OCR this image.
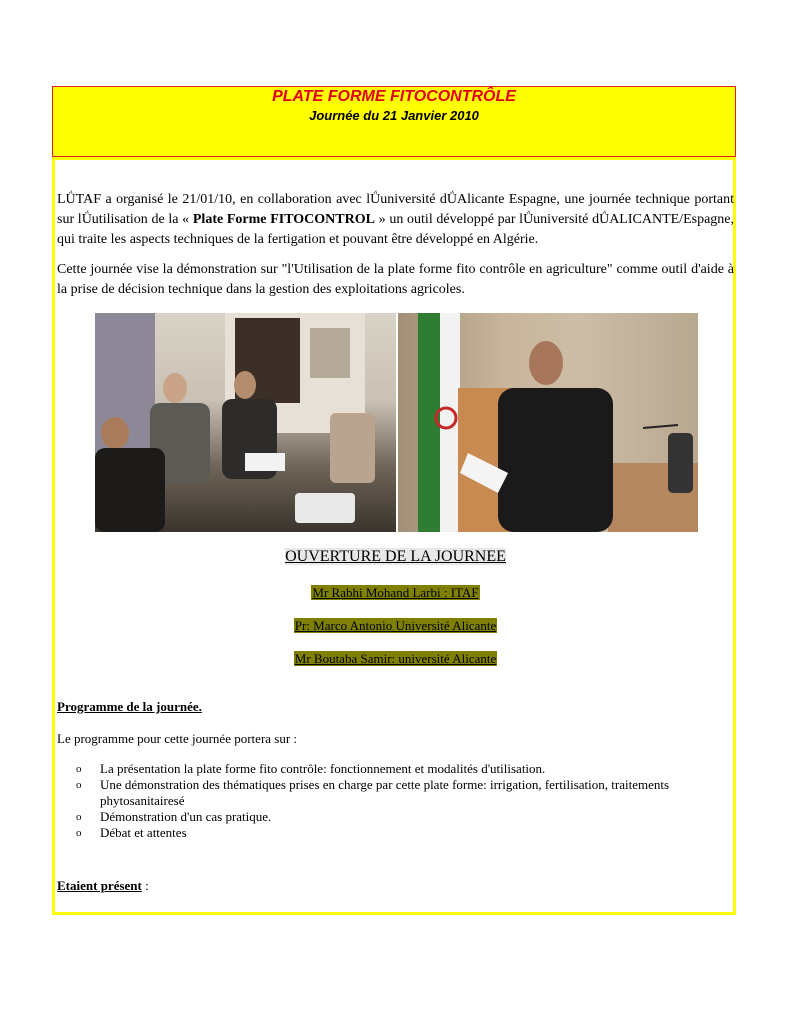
PLATE FORME FITOCONTRÔLE
Journée du 21 Janvier 2010
LǗTAF a organisé le 21/01/10, en collaboration avec lǗuniversité dǗAlicante Espagne, une journée technique portant sur lǗutilisation de la « Plate Forme FITOCONTROL » un outil développé par lǗuniversité dǗALICANTE/Espagne, qui traite les aspects techniques de la fertigation et pouvant être développé en Algérie.
Cette journée vise la démonstration sur "l'Utilisation de la plate forme fito contrôle en agriculture" comme outil d'aide à la prise de décision technique dans la gestion des exploitations agricoles.
OUVERTURE DE LA JOURNEE
Mr Rabhi Mohand Larbi : ITAF
Pr: Marco Antonio Université Alicante
Mr Boutaba Samir: université Alicante
Programme de la journée.
Le programme pour cette journée portera sur :
o La présentation la plate forme fito contrôle: fonctionnement et modalités d'utilisation.
o Une démonstration des thématiques prises en charge par cette plate forme: irrigation, fertilisation, traitements
phytosanitairesé
o Démonstration d'un cas pratique.
o Débat et attentes
Etaient présent :
